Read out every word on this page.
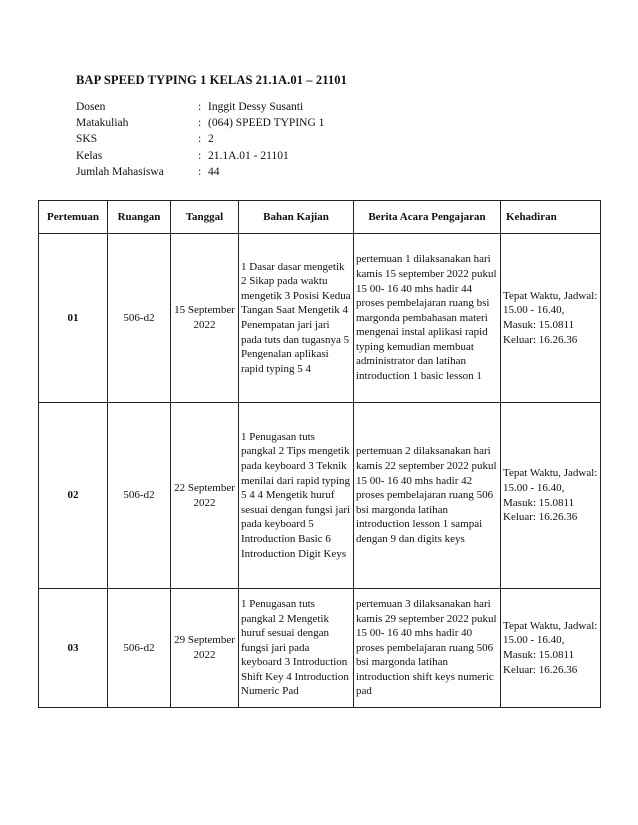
BAP SPEED TYPING 1 KELAS 21.1A.01 – 21101
Dosen	: Inggit Dessy Susanti
Matakuliah	: (064) SPEED TYPING 1
SKS	: 2
Kelas	: 21.1A.01 - 21101
Jumlah Mahasiswa	: 44
Pertemuan	Ruangan	Tanggal	Bahan Kajian	Berita Acara Pengajaran	Kehadiran
01	506-d2	15 September 2022	1 Dasar dasar mengetik 2 Sikap pada waktu mengetik 3 Posisi Kedua Tangan Saat Mengetik 4 Penempatan jari jari pada tuts dan tugasnya 5 Pengenalan aplikasi rapid typing 5 4	pertemuan 1 dilaksanakan hari kamis 15 september 2022 pukul 15 00- 16 40 mhs hadir 44 proses pembelajaran ruang bsi margonda pembahasan materi mengenai instal aplikasi rapid typing kemudian membuat administrator dan latihan introduction 1 basic lesson 1	Tepat Waktu, Jadwal: 15.00 - 16.40, Masuk: 15.0811 Keluar: 16.26.36
02	506-d2	22 September 2022	1 Penugasan tuts pangkal 2 Tips mengetik pada keyboard 3 Teknik menilai dari rapid typing 5 4 4 Mengetik huruf sesuai dengan fungsi jari pada keyboard 5 Introduction Basic 6 Introduction Digit Keys	pertemuan 2 dilaksanakan hari kamis 22 september 2022 pukul 15 00- 16 40 mhs hadir 42 proses pembelajaran ruang 506 bsi margonda latihan introduction lesson 1 sampai dengan 9 dan digits keys	Tepat Waktu, Jadwal: 15.00 - 16.40, Masuk: 15.0811 Keluar: 16.26.36
03	506-d2	29 September 2022	1 Penugasan tuts pangkal 2 Mengetik huruf sesuai dengan fungsi jari pada keyboard 3 Introduction Shift Key 4 Introduction Numeric Pad	pertemuan 3 dilaksanakan hari kamis 29 september 2022 pukul 15 00- 16 40 mhs hadir 40 proses pembelajaran ruang 506 bsi margonda latihan introduction shift keys numeric pad	Tepat Waktu, Jadwal: 15.00 - 16.40, Masuk: 15.0811 Keluar: 16.26.36
